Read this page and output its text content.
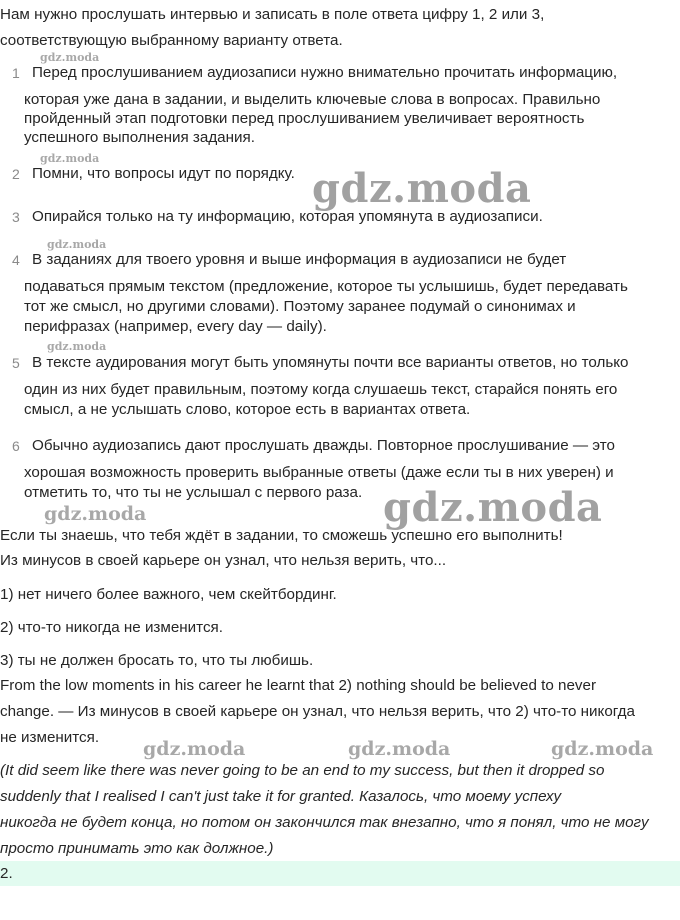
Нам нужно прослушать интервью и записать в поле ответа цифру 1, 2 или 3,

соответствующую выбранному варианту ответа.

1 Перед прослушиванием аудиозаписи нужно внимательно прочитать информацию,
которая уже дана в задании, и выделить ключевые слова в вопросах. Правильно
пройденный этап подготовки перед прослушиванием увеличивает вероятность
успешного выполнения задания.
2 Помни, что вопросы идут по порядку.
3 Опирайся только на ту информацию, которая упомянута в аудиозаписи.
4 В заданиях для твоего уровня и выше информация в аудиозаписи не будет
подаваться прямым текстом (предложение, которое ты услышишь, будет передавать
тот же смысл, но другими словами). Поэтому заранее подумай о синонимах и
перифразах (например, every day — daily).
5 В тексте аудирования могут быть упомянуты почти все варианты ответов, но только
один из них будет правильным, поэтому когда слушаешь текст, старайся понять его
смысл, а не услышать слово, которое есть в вариантах ответа.
6 Обычно аудиозапись дают прослушать дважды. Повторное прослушивание — это
хорошая возможность проверить выбранные ответы (даже если ты в них уверен) и
отметить то, что ты не услышал с первого раза.

Если ты знаешь, что тебя ждёт в задании, то сможешь успешно его выполнить!

Из минусов в своей карьере он узнал, что нельзя верить, что...

1) нет ничего более важного, чем скейтбординг.

2) что-то никогда не изменится.

3) ты не должен бросать то, что ты любишь.

From the low moments in his career he learnt that 2) nothing should be believed to never

change. — Из минусов в своей карьере он узнал, что нельзя верить, что 2) что-то никогда

не изменится.

(It did seem like there was never going to be an end to my success, but then it dropped so

suddenly that I realised I can't just take it for granted. Казалось, что моему успеху

никогда не будет конца, но потом он закончился так внезапно, что я понял, что не могу

просто принимать это как должное.)

2.
gdz.moda
gdz.moda
gdz.moda
gdz.moda
gdz.moda
gdz.moda
gdz.moda
gdz.moda	gdz.moda	gdz.moda
